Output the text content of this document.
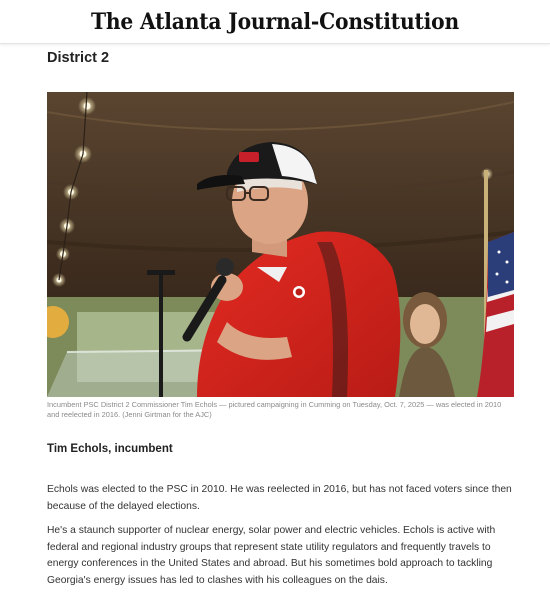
The Atlanta Journal-Constitution
District 2

Incumbent PSC District 2 Commissioner Tim Echols — pictured campaigning in Cumming on Tuesday, Oct. 7, 2025 — was elected in 2010 and reelected in 2016. (Jenni Girtman for the AJC)

Tim Echols, incumbent

Echols was elected to the PSC in 2010. He was reelected in 2016, but has not faced voters since then because of the delayed elections.

He's a staunch supporter of nuclear energy, solar power and electric vehicles. Echols is active with federal and regional industry groups that represent state utility regulators and frequently travels to energy conferences in the United States and abroad. But his sometimes bold approach to tackling Georgia's energy issues has led to clashes with his colleagues on the dais.
